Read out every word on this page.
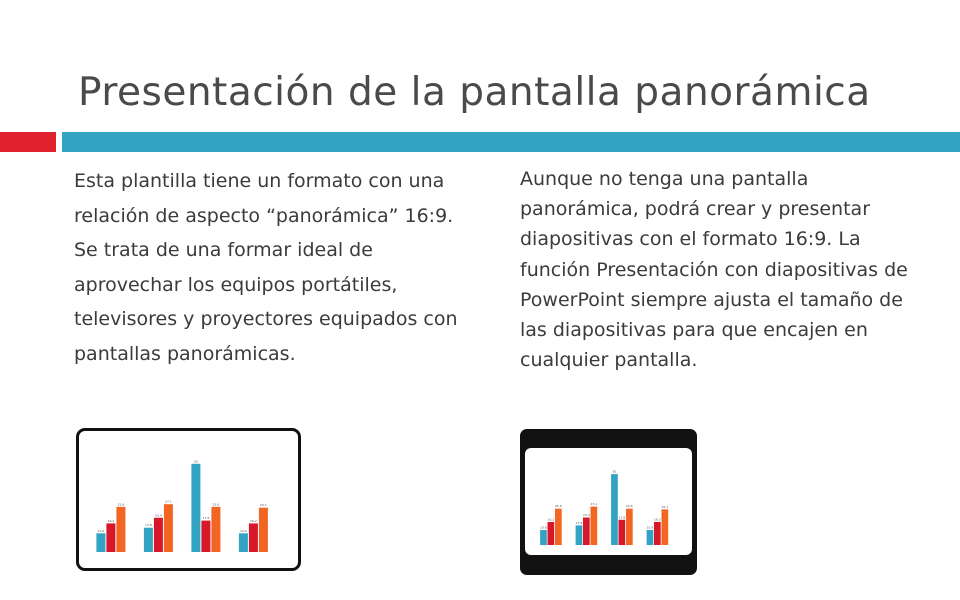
Presentación de la pantalla panorámica

Esta plantilla tiene un formato con una relación de aspecto “panorámica” 16:9. Se trata de una formar ideal de aprovechar los equipos portátiles, televisores y proyectores equipados con pantallas panorámicas.

Aunque no tenga una pantalla panorámica, podrá crear y presentar diapositivas con el formato 16:9. La función Presentación con diapositivas de PowerPoint siempre ajusta el tamaño de las diapositivas para que encajen en cualquier pantalla.

10.6
16.2
25.6
13.8
19.4
27.1
50
17.8
25.6
10.6
16.2
25.1
10.6
16.2
25.6
13.8
19.4
27.1
50
17.8
25.6
10.6
16.2
25.1
